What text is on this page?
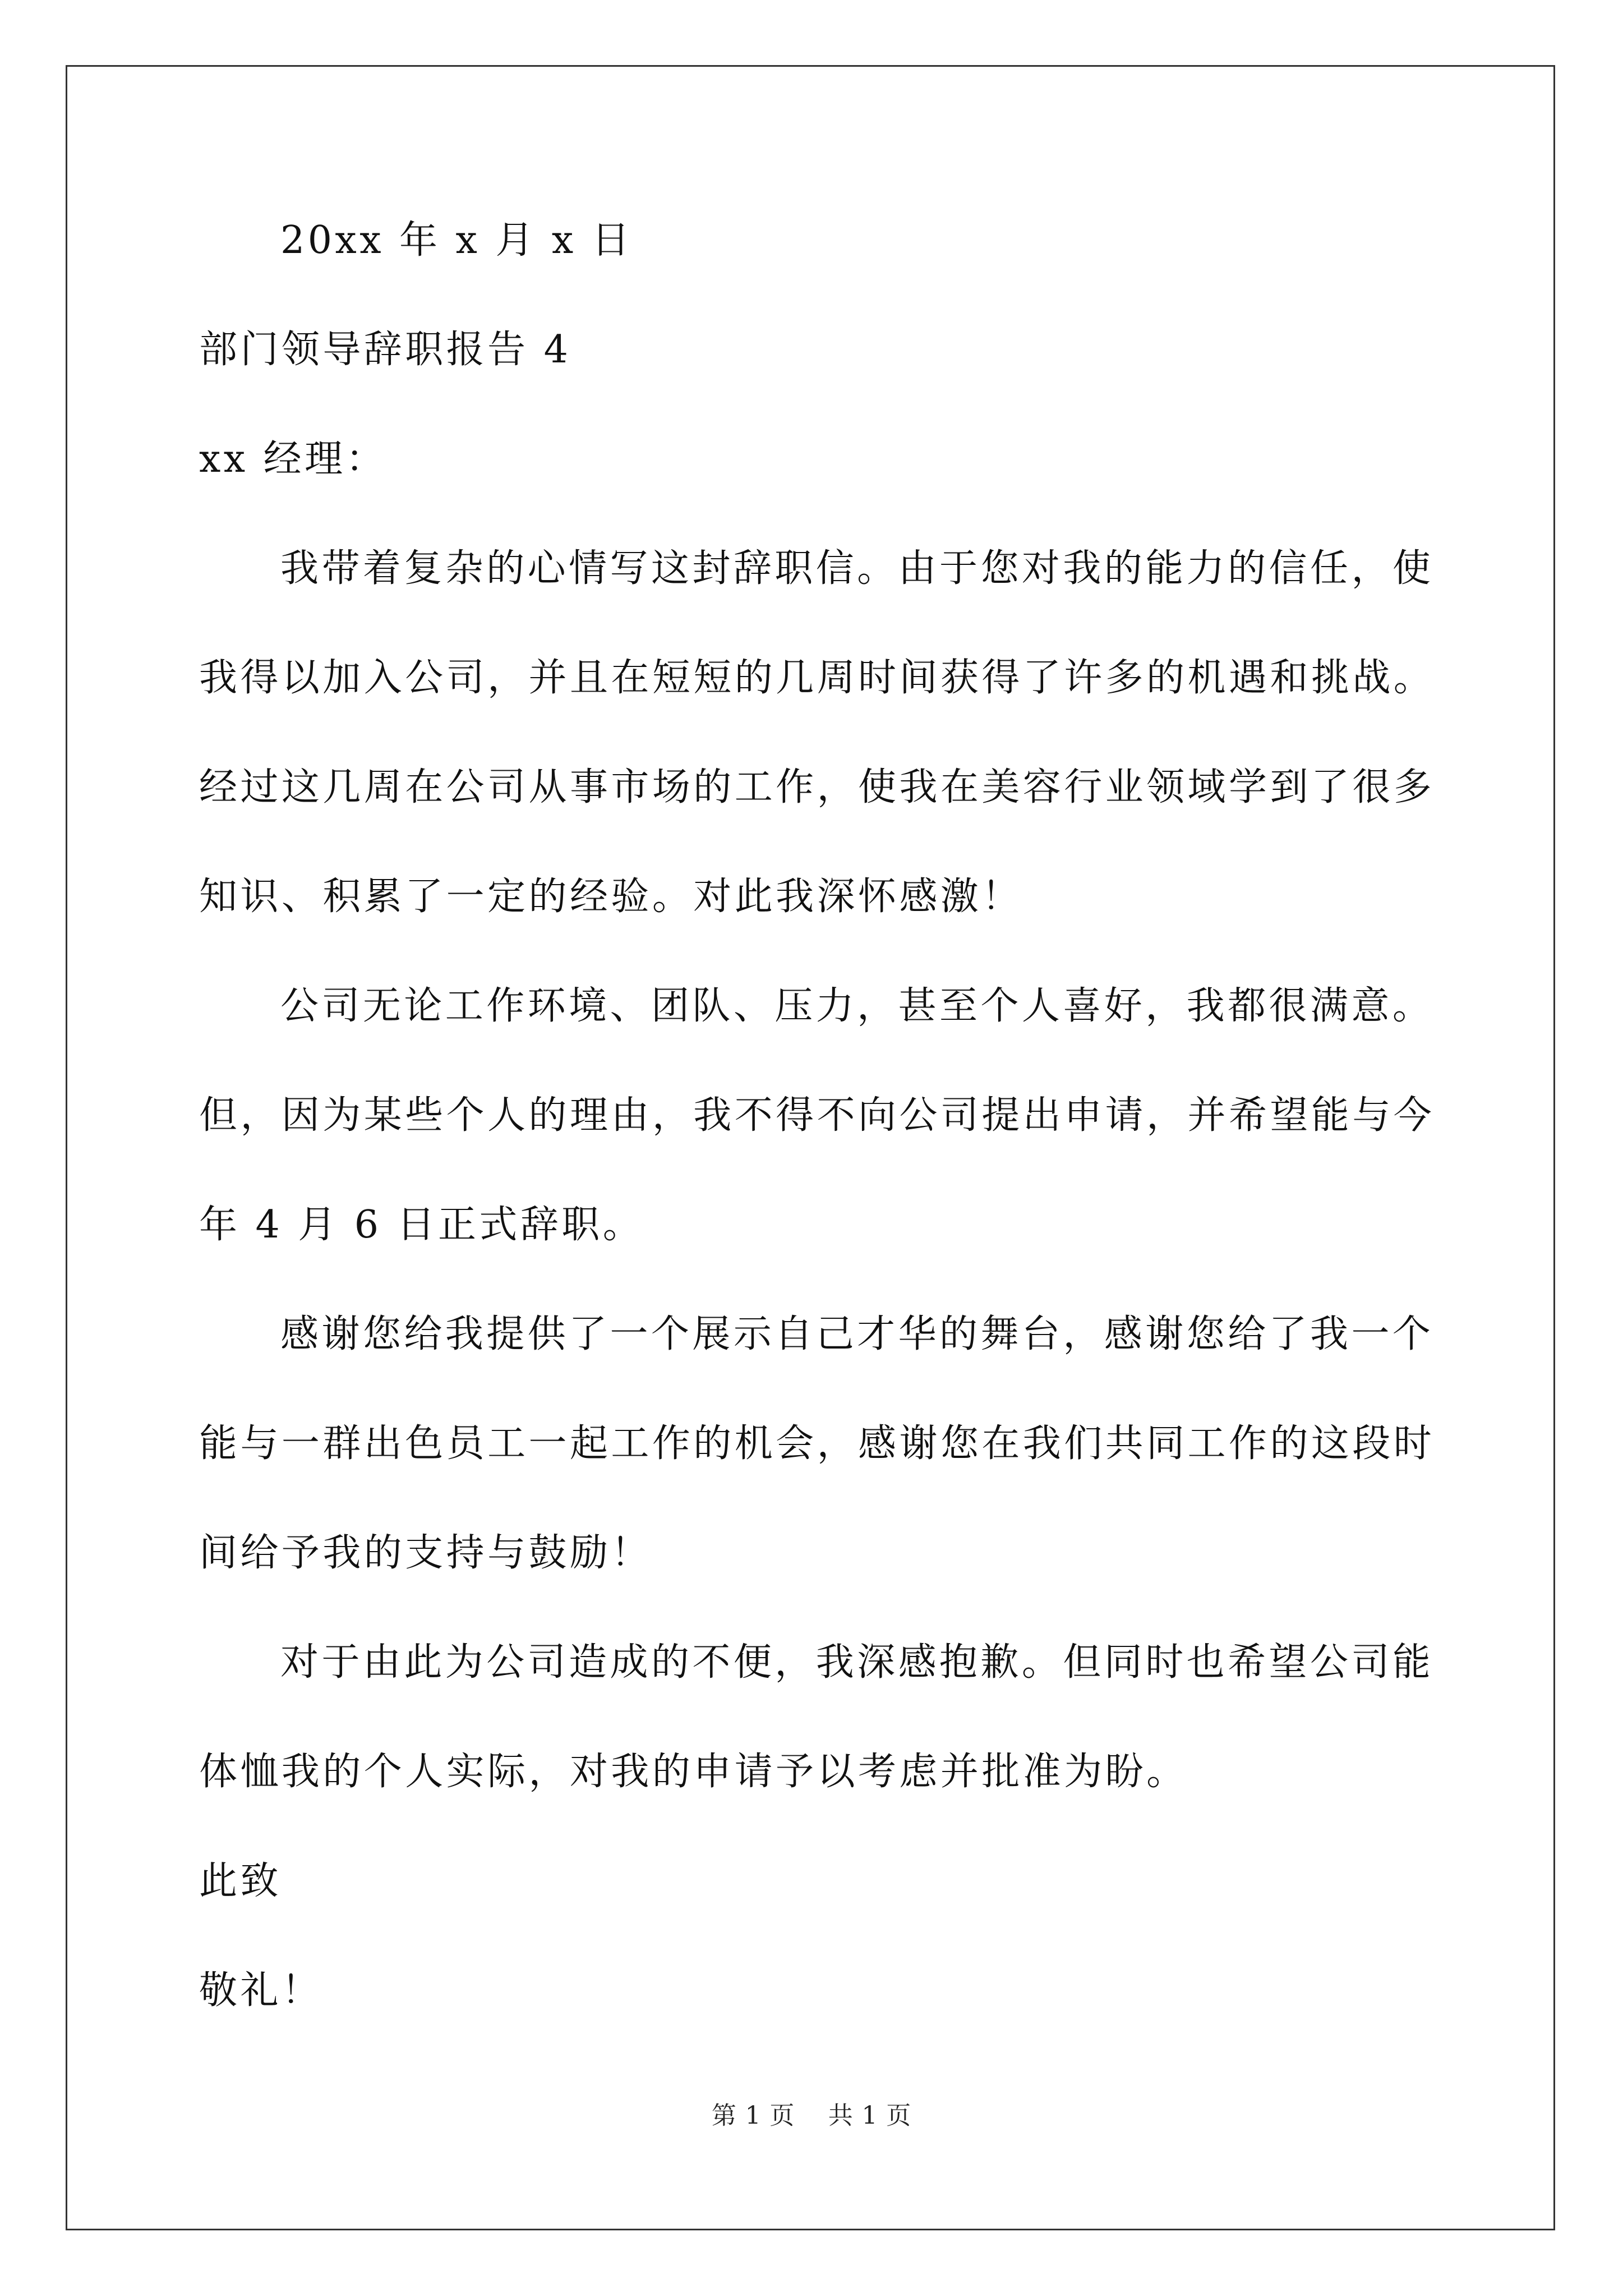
20xx 年 x 月 x 日
部门领导辞职报告 4
xx 经理：
我带着复杂的心情写这封辞职信。由于您对我的能力的信任，使
我得以加入公司，并且在短短的几周时间获得了许多的机遇和挑战。
经过这几周在公司从事市场的工作，使我在美容行业领域学到了很多
知识、积累了一定的经验。对此我深怀感激！
公司无论工作环境、团队、压力，甚至个人喜好，我都很满意。
但，因为某些个人的理由，我不得不向公司提出申请，并希望能与今
年 4 月 6 日正式辞职。
感谢您给我提供了一个展示自己才华的舞台，感谢您给了我一个
能与一群出色员工一起工作的机会，感谢您在我们共同工作的这段时
间给予我的支持与鼓励！
对于由此为公司造成的不便，我深感抱歉。但同时也希望公司能
体恤我的个人实际，对我的申请予以考虑并批准为盼。
此致
敬礼！
第 1 页    共 1 页
